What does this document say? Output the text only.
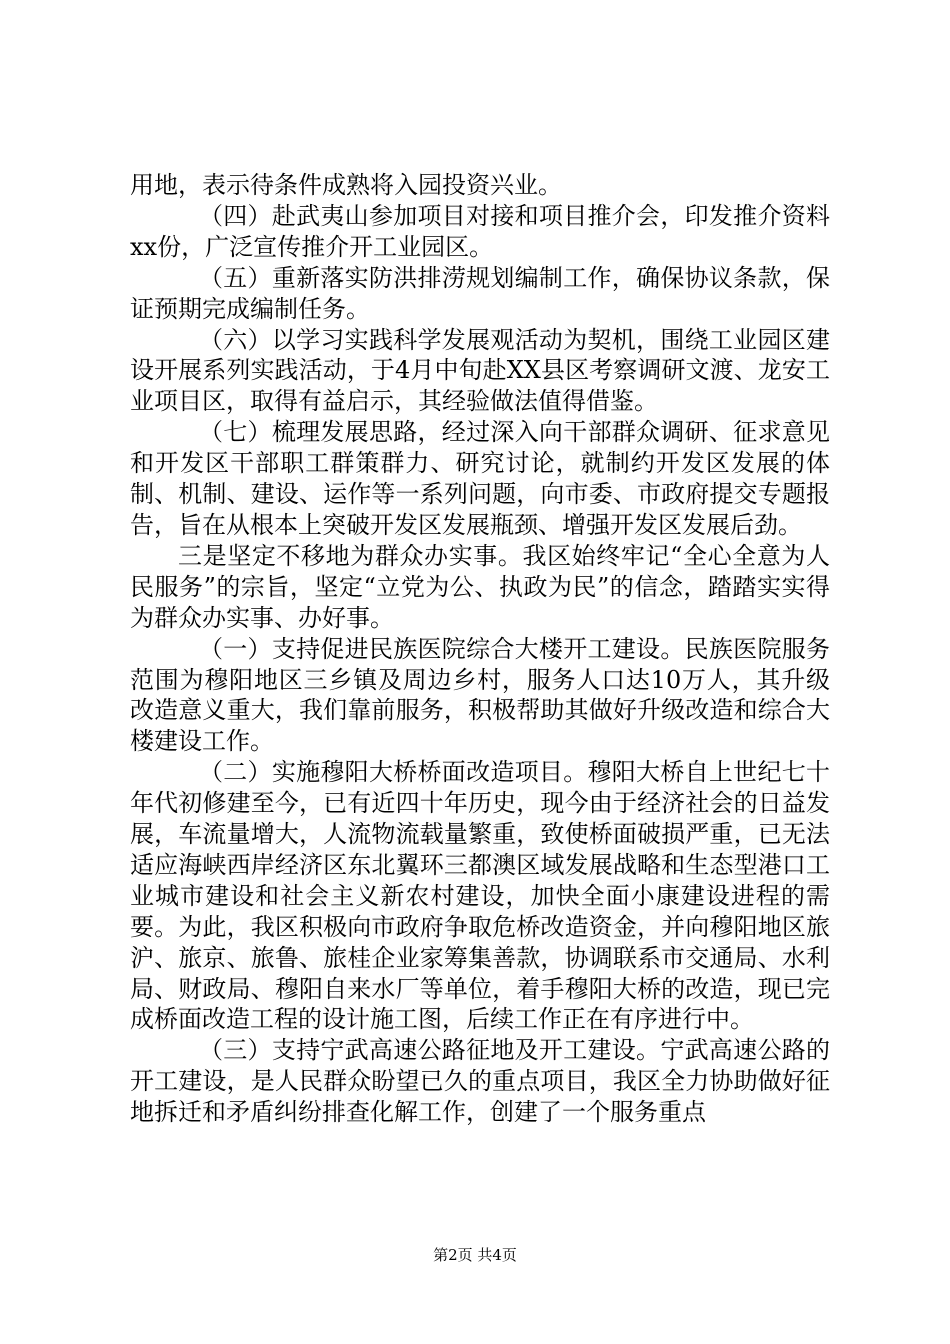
用地，表示待条件成熟将入园投资兴业。

（四）赴武夷山参加项目对接和项目推介会，印发推介资料xx份，广泛宣传推介开工业园区。

（五）重新落实防洪排涝规划编制工作，确保协议条款，保证预期完成编制任务。

（六）以学习实践科学发展观活动为契机，围绕工业园区建设开展系列实践活动，于4月中旬赴XX县区考察调研文渡、龙安工业项目区，取得有益启示，其经验做法值得借鉴。

（七）梳理发展思路，经过深入向干部群众调研、征求意见和开发区干部职工群策群力、研究讨论，就制约开发区发展的体制、机制、建设、运作等一系列问题，向市委、市政府提交专题报告，旨在从根本上突破开发区发展瓶颈、增强开发区发展后劲。

三是坚定不移地为群众办实事。我区始终牢记“全心全意为人民服务”的宗旨，坚定“立党为公、执政为民”的信念，踏踏实实得为群众办实事、办好事。

（一）支持促进民族医院综合大楼开工建设。民族医院服务范围为穆阳地区三乡镇及周边乡村，服务人口达10万人，其升级改造意义重大，我们靠前服务，积极帮助其做好升级改造和综合大楼建设工作。

（二）实施穆阳大桥桥面改造项目。穆阳大桥自上世纪七十年代初修建至今，已有近四十年历史，现今由于经济社会的日益发展，车流量增大，人流物流载量繁重，致使桥面破损严重，已无法适应海峡西岸经济区东北翼环三都澳区域发展战略和生态型港口工业城市建设和社会主义新农村建设，加快全面小康建设进程的需要。为此，我区积极向市政府争取危桥改造资金，并向穆阳地区旅沪、旅京、旅鲁、旅桂企业家筹集善款，协调联系市交通局、水利局、财政局、穆阳自来水厂等单位，着手穆阳大桥的改造，现已完成桥面改造工程的设计施工图，后续工作正在有序进行中。

（三）支持宁武高速公路征地及开工建设。宁武高速公路的开工建设，是人民群众盼望已久的重点项目，我区全力协助做好征地拆迁和矛盾纠纷排查化解工作，创建了一个服务重点

第2页 共4页
